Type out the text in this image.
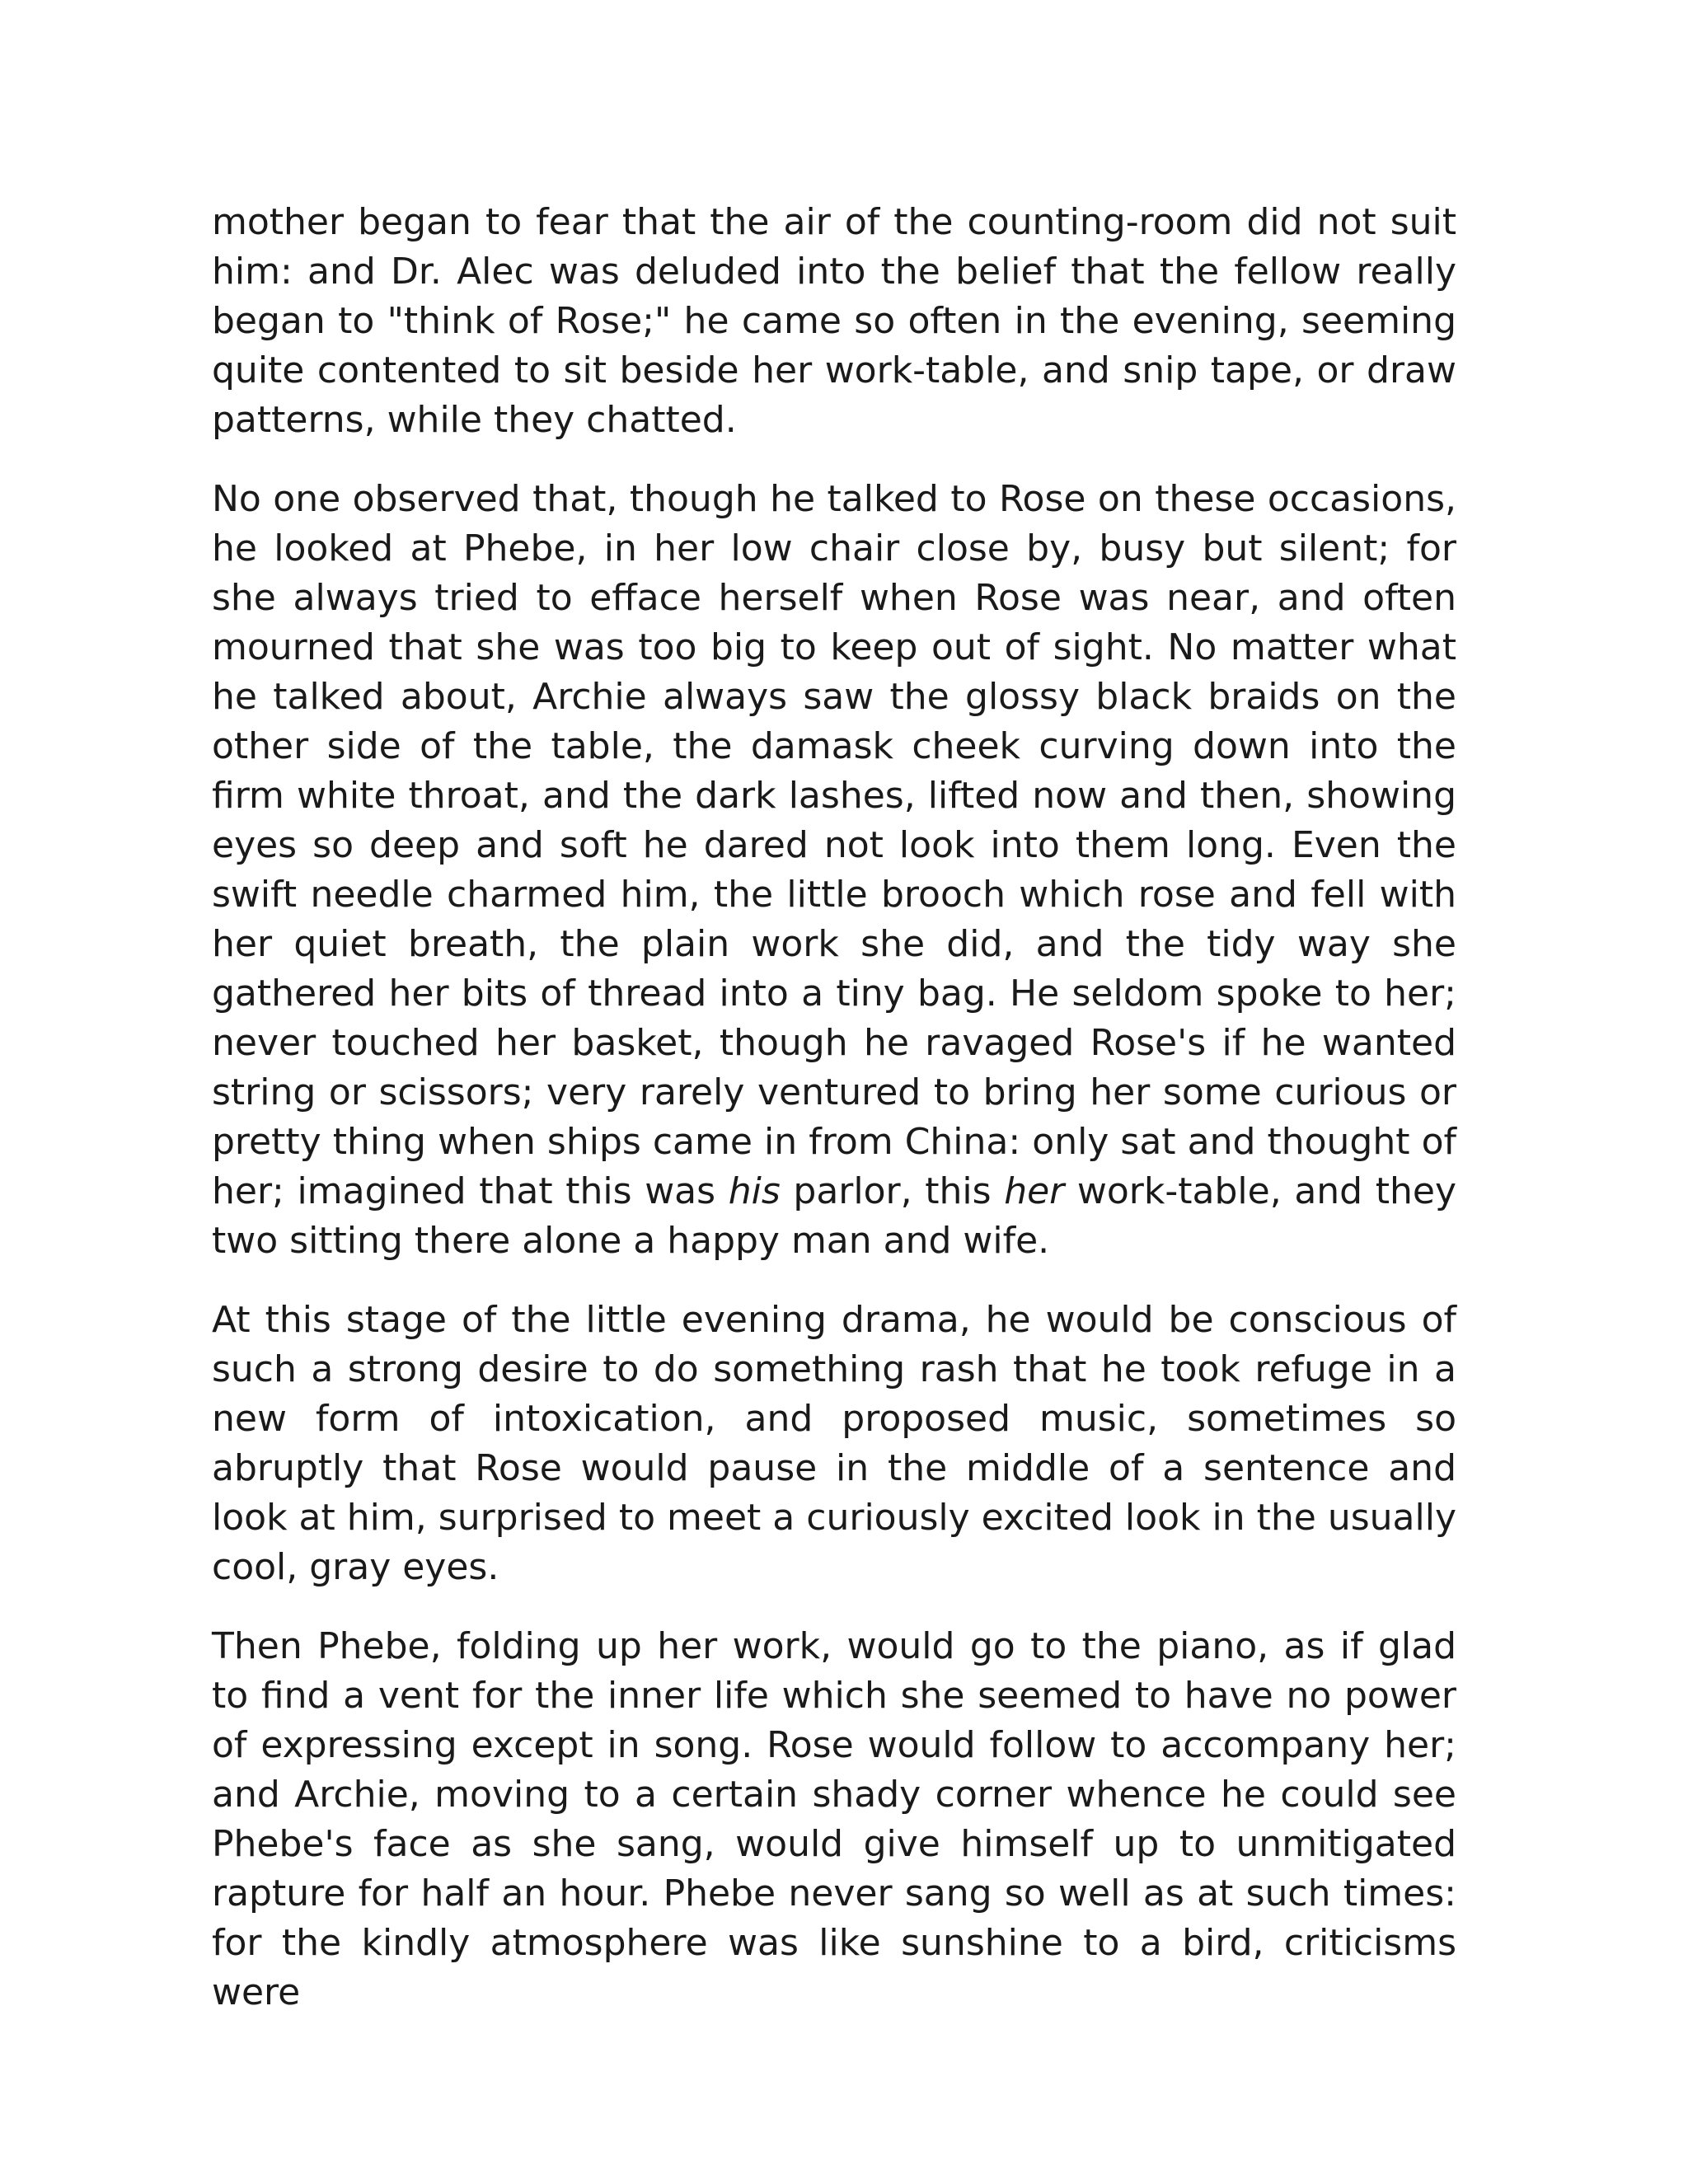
mother began to fear that the air of the counting-room did not suit him: and Dr. Alec was deluded into the belief that the fellow really began to "think of Rose;" he came so often in the evening, seeming quite contented to sit beside her work-table, and snip tape, or draw patterns, while they chatted.

No one observed that, though he talked to Rose on these occasions, he looked at Phebe, in her low chair close by, busy but silent; for she always tried to efface herself when Rose was near, and often mourned that she was too big to keep out of sight. No matter what he talked about, Archie always saw the glossy black braids on the other side of the table, the damask cheek curving down into the firm white throat, and the dark lashes, lifted now and then, showing eyes so deep and soft he dared not look into them long. Even the swift needle charmed him, the little brooch which rose and fell with her quiet breath, the plain work she did, and the tidy way she gathered her bits of thread into a tiny bag. He seldom spoke to her; never touched her basket, though he ravaged Rose's if he wanted string or scissors; very rarely ventured to bring her some curious or pretty thing when ships came in from China: only sat and thought of her; imagined that this was his parlor, this her work-table, and they two sitting there alone a happy man and wife.

At this stage of the little evening drama, he would be conscious of such a strong desire to do something rash that he took refuge in a new form of intoxication, and proposed music, sometimes so abruptly that Rose would pause in the middle of a sentence and look at him, surprised to meet a curiously excited look in the usually cool, gray eyes.

Then Phebe, folding up her work, would go to the piano, as if glad to find a vent for the inner life which she seemed to have no power of expressing except in song. Rose would follow to accompany her; and Archie, moving to a certain shady corner whence he could see Phebe's face as she sang, would give himself up to unmitigated rapture for half an hour. Phebe never sang so well as at such times: for the kindly atmosphere was like sunshine to a bird, criticisms were
